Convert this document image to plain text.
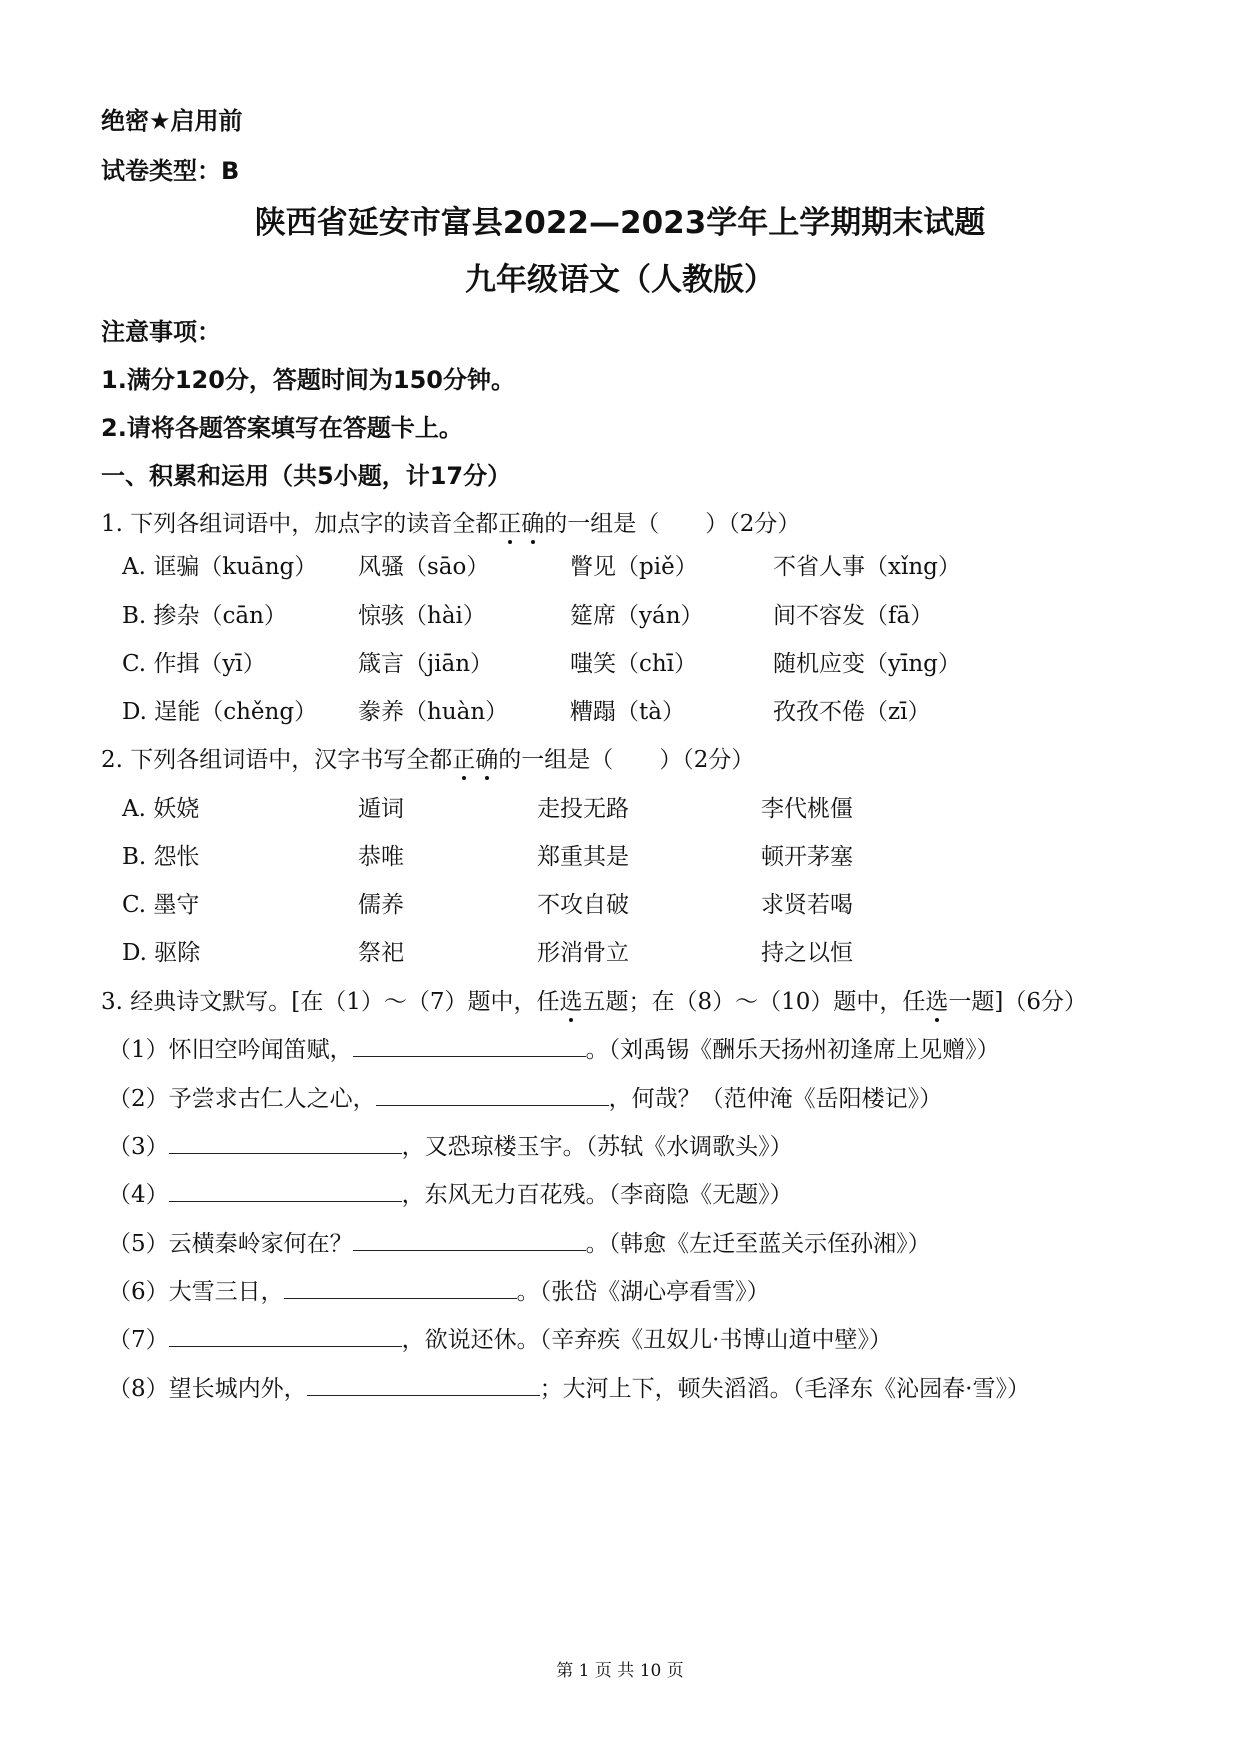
绝密★启用前
试卷类型：B
陕西省延安市富县2022—2023学年上学期期末试题
九年级语文（人教版）
注意事项：
1.满分120分，答题时间为150分钟。
2.请将各题答案填写在答题卡上。
一、积累和运用（共5小题，计17分）
1. 下列各组词语中，加点字的读音全都正确的一组是（　　）（2分）
A. 诓骗（kuāng） 风骚（sāo）	瞥见（piě）	不省人事（xǐng）
B. 掺杂（cān）	惊骇（hài）	筵席（yán）	间不容发（fā）
C. 作揖（yī）	箴言（jiān）	嗤笑（chī）	随机应变（yīng）
D. 逞能（chěng） 豢养（huàn）	糟蹋（tà）	孜孜不倦（zī）
2. 下列各组词语中，汉字书写全都正确的一组是（　　）（2分）
A. 妖娆	遁词	走投无路	李代桃僵
B. 怨怅	恭唯	郑重其是	顿开茅塞
C. 墨守	儒养	不攻自破	求贤若喝
D. 驱除	祭祀	形消骨立	持之以恒
3. 经典诗文默写。[在（1）～（7）题中，任选五题；在（8）～（10）题中，任选一题]（6分）
（1）怀旧空吟闻笛赋，	。（刘禹锡《酬乐天扬州初逢席上见赠》）
（2）予尝求古仁人之心，	，何哉？（范仲淹《岳阳楼记》）
（3）	，又恐琼楼玉宇。（苏轼《水调歌头》）
（4）	，东风无力百花残。（李商隐《无题》）
（5）云横秦岭家何在？	。（韩愈《左迁至蓝关示侄孙湘》）
（6）大雪三日，	。（张岱《湖心亭看雪》）
（7）	，欲说还休。（辛弃疾《丑奴儿·书博山道中壁》）
（8）望长城内外，	；大河上下，顿失滔滔。（毛泽东《沁园春·雪》）
第 1 页 共 10 页
